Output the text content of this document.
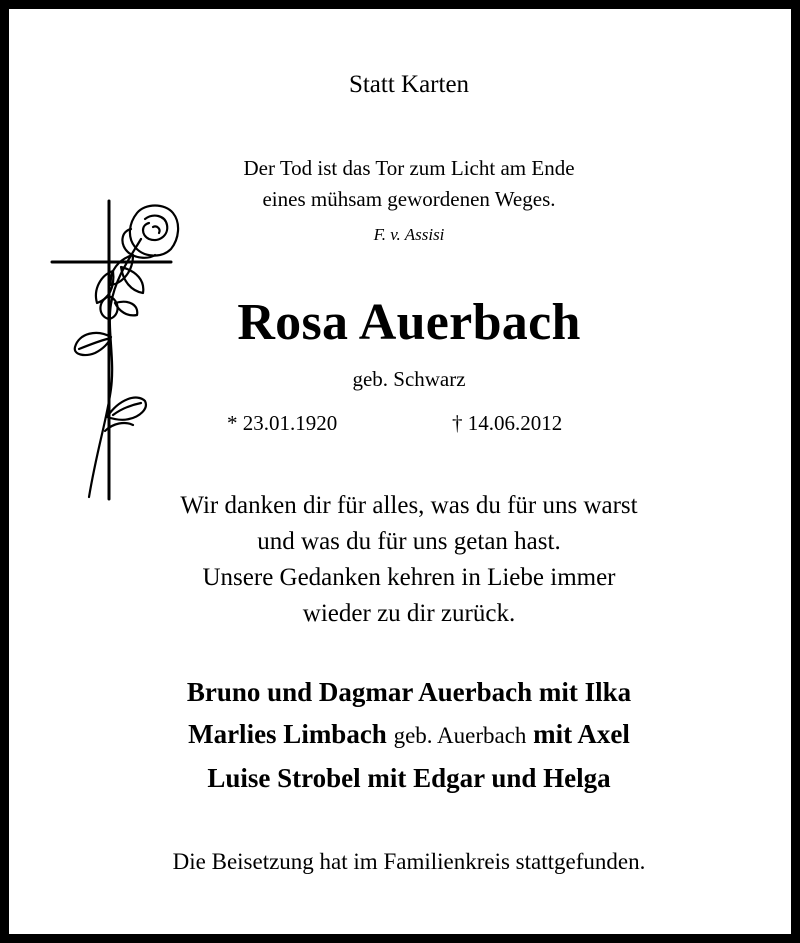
Statt Karten
Der Tod ist das Tor zum Licht am Ende
eines mühsam gewordenen Weges.
F. v. Assisi
Rosa Auerbach
geb. Schwarz
* 23.01.1920	† 14.06.2012
Wir danken dir für alles, was du für uns warst
und was du für uns getan hast.
Unsere Gedanken kehren in Liebe immer
wieder zu dir zurück.
Bruno und Dagmar Auerbach mit Ilka
Marlies Limbach geb. Auerbach mit Axel
Luise Strobel mit Edgar und Helga
Die Beisetzung hat im Familienkreis stattgefunden.
